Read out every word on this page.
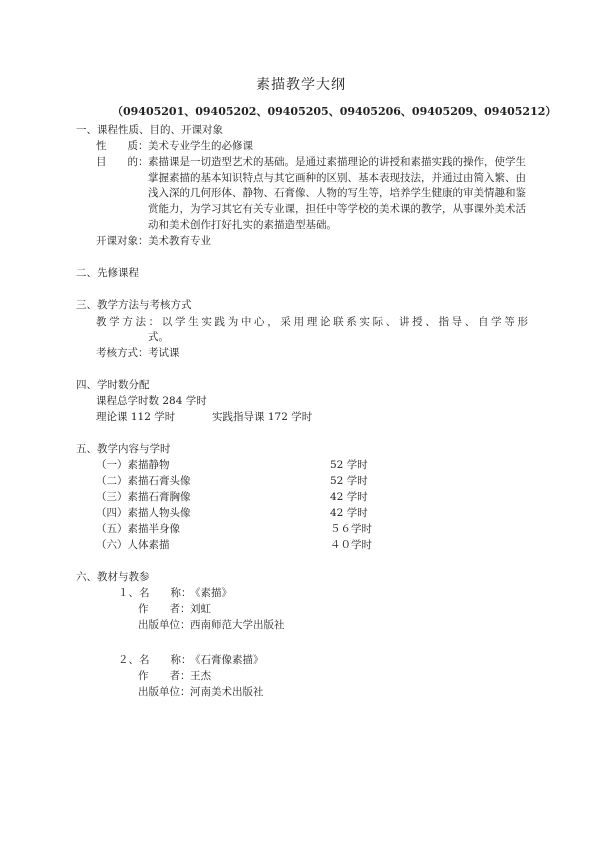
素描教学大纲
（09405201、09405202、09405205、09405206、09405209、09405212）
一、课程性质、目的、开课对象
性　　质： 美术专业学生的必修课
目　　的： 素描课是一切造型艺术的基础。是通过素描理论的讲授和素描实践的操作，使学生
掌握素描的基本知识特点与其它画种的区别、基本表现技法，并通过由简入繁、由
浅入深的几何形体、静物、石膏像、人物的写生等，培养学生健康的审美情趣和鉴
赏能力，为学习其它有关专业课，担任中等学校的美术课的教学，从事课外美术活
动和美术创作打好扎实的素描造型基础。
开课对象： 美术教育专业
二、先修课程
三、教学方法与考核方式
教学方法：以学生实践为中心，采用理论联系实际、讲授、指导、自学等形
式。
考核方式： 考试课
四、学时数分配
课程总学时数 284 学时
理论课 112 学时	实践指导课 172 学时
五、教学内容与学时
（一）素描静物	52 学时
（二）素描石膏头像	52 学时
（三）素描石膏胸像	42 学时
（四）素描人物头像	42 学时
（五）素描半身像	５６学时
（六）人体素描	４０学时
六、教材与教参
１、名　　称：
《素描》
作　　者： 刘虹
出版单位： 西南师范大学出版社
２、名　　称：
《石膏像素描》
作　　者： 王杰
出版单位： 河南美术出版社
